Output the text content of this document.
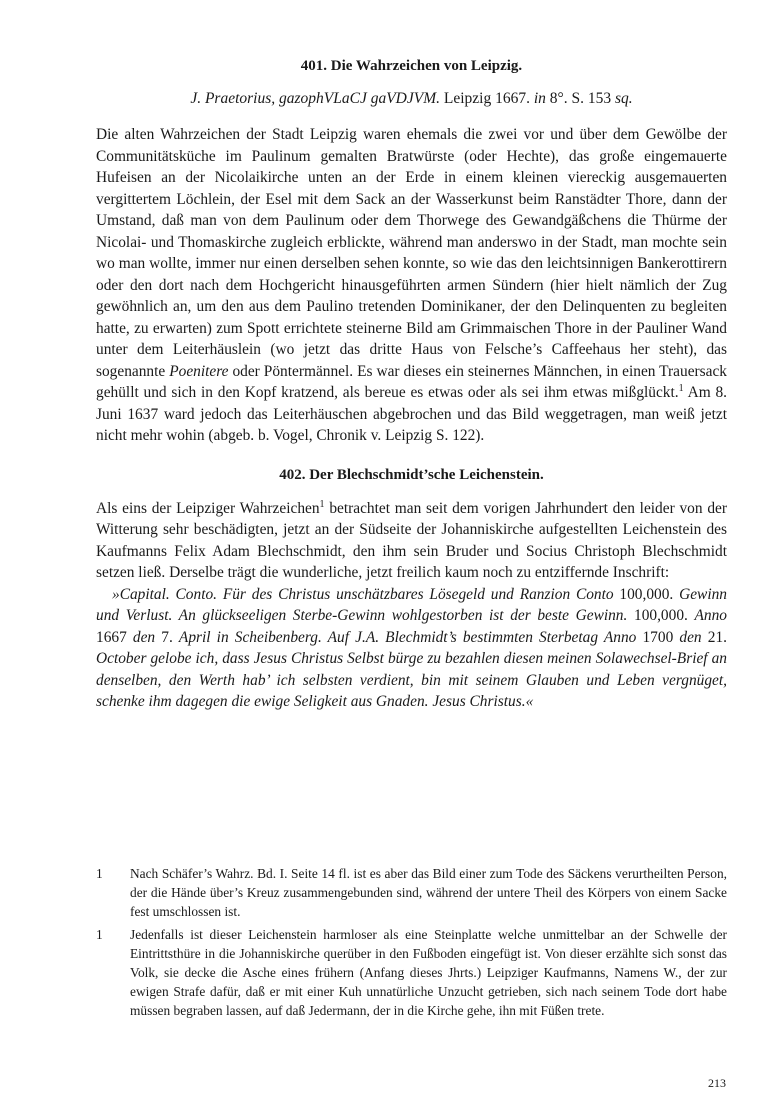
401. Die Wahrzeichen von Leipzig.
J. Praetorius, gazophVLaCJ gaVDJVM. Leipzig 1667. in 8°. S. 153 sq.

Die alten Wahrzeichen der Stadt Leipzig waren ehemals die zwei vor und über dem Gewölbe der Communitätsküche im Paulinum gemalten Bratwürste (oder Hechte), das große eingemauerte Hufeisen an der Nicolaikirche unten an der Erde in einem kleinen viereckig ausgemauerten vergittertem Löchlein, der Esel mit dem Sack an der Wasserkunst beim Ranstädter Thore, dann der Umstand, daß man von dem Paulinum oder dem Thorwege des Gewandgäßchens die Thürme der Nicolai- und Thomaskirche zugleich erblickte, während man anderswo in der Stadt, man mochte sein wo man wollte, immer nur einen derselben sehen konnte, so wie das den leichtsinnigen Bankerottirern oder den dort nach dem Hochgericht hinausgeführten armen Sündern (hier hielt nämlich der Zug gewöhnlich an, um den aus dem Paulino tretenden Dominikaner, der den Delinquenten zu begleiten hatte, zu erwarten) zum Spott errichtete steinerne Bild am Grimmaischen Thore in der Pauliner Wand unter dem Leiterhäuslein (wo jetzt das dritte Haus von Felsche’s Caffeehaus her steht), das sogenannte Poenitere oder Pöntermännel. Es war dieses ein steinernes Männchen, in einen Trauersack gehüllt und sich in den Kopf kratzend, als bereue es etwas oder als sei ihm etwas mißglückt.$^1$ Am 8. Juni 1637 ward jedoch das Leiterhäuschen abgebrochen und das Bild weggetragen, man weiß jetzt nicht mehr wohin (abgeb. b. Vogel, Chronik v. Leipzig S. 122).

402. Der Blechschmidt’sche Leichenstein.

Als eins der Leipziger Wahrzeichen$^1$ betrachtet man seit dem vorigen Jahrhundert den leider von der Witterung sehr beschädigten, jetzt an der Südseite der Johanniskirche aufgestellten Leichenstein des Kaufmanns Felix Adam Blechschmidt, den ihm sein Bruder und Socius Christoph Blechschmidt setzen ließ. Derselbe trägt die wunderliche, jetzt freilich kaum noch zu entziffernde Inschrift:

»Capital. Conto. Für des Christus unschätzbares Lösegeld und Ranzion Conto 100,000. Gewinn und Verlust. An glückseeligen Sterbe-Gewinn wohlgestorben ist der beste Gewinn. 100,000. Anno 1667 den 7. April in Scheibenberg. Auf J.A. Blechmidt’s bestimmten Sterbetag Anno 1700 den 21. October gelobe ich, dass Jesus Christus Selbst bürge zu bezahlen diesen meinen Solawechsel-Brief an denselben, den Werth hab’ ich selbsten verdient, bin mit seinem Glauben und Leben vergnüget, schenke ihm dagegen die ewige Seligkeit aus Gnaden. Jesus Christus.«

1	Nach Schäfer’s Wahrz. Bd. I. Seite 14 fl. ist es aber das Bild einer zum Tode des Säckens verurtheilten Person, der die Hände über’s Kreuz zusammengebunden sind, während der untere Theil des Körpers von einem Sacke fest umschlossen ist.
1	Jedenfalls ist dieser Leichenstein harmloser als eine Steinplatte welche unmittelbar an der Schwelle der Eintrittsthüre in die Johanniskirche querüber in den Fußboden eingefügt ist. Von dieser erzählte sich sonst das Volk, sie decke die Asche eines frühern (Anfang dieses Jhrts.) Leipziger Kaufmanns, Namens W., der zur ewigen Strafe dafür, daß er mit einer Kuh unnatürliche Unzucht getrieben, sich nach seinem Tode dort habe müssen begraben lassen, auf daß Jedermann, der in die Kirche gehe, ihn mit Füßen trete.
213
